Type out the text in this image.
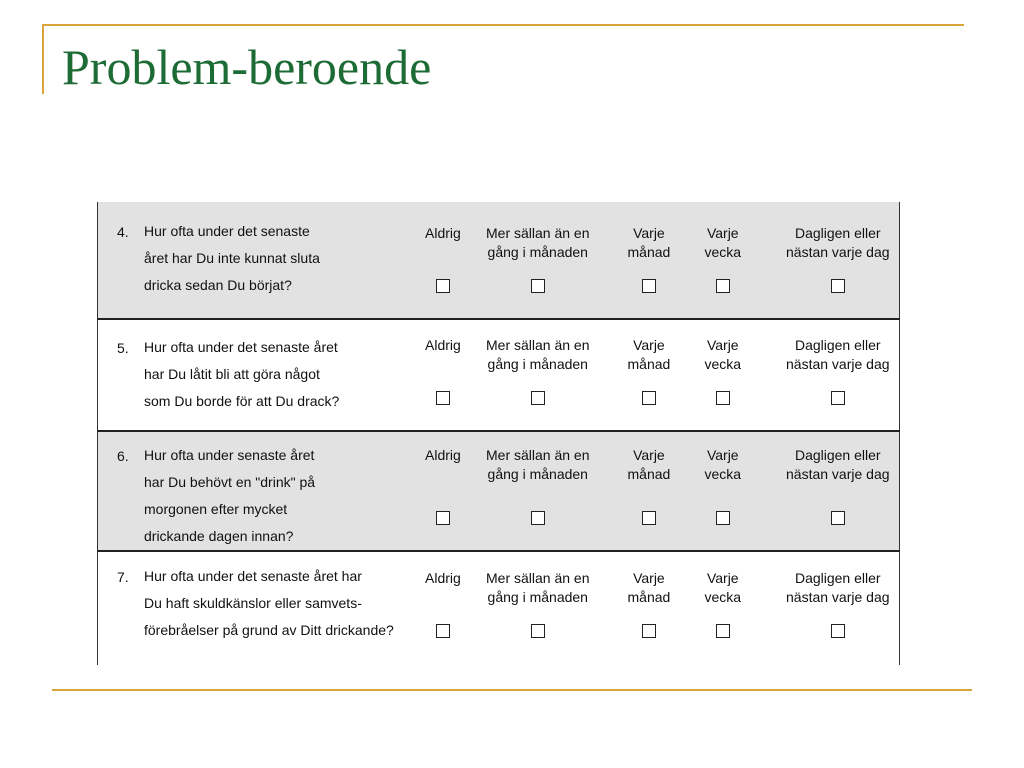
Problem-beroende
4. Hur ofta under det senaste
året har Du inte kunnat sluta
dricka sedan Du börjat?
Aldrig Mer sällan än en
gång i månaden
Varje
månad
Varje
vecka
Dagligen eller
nästan varje dag
5. Hur ofta under det senaste året
har Du låtit bli att göra något
som Du borde för att Du drack?
Aldrig Mer sällan än en
gång i månaden
Varje
månad
Varje
vecka
Dagligen eller
nästan varje dag
6. Hur ofta under senaste året
har Du behövt en "drink" på
morgonen efter mycket
drickande dagen innan?
Aldrig Mer sällan än en
gång i månaden
Varje
månad
Varje
vecka
Dagligen eller
nästan varje dag
7. Hur ofta under det senaste året har
Du haft skuldkänslor eller samvets-
förebråelser på grund av Ditt drickande?
Aldrig Mer sällan än en
gång i månaden
Varje
månad
Varje
vecka
Dagligen eller
nästan varje dag
